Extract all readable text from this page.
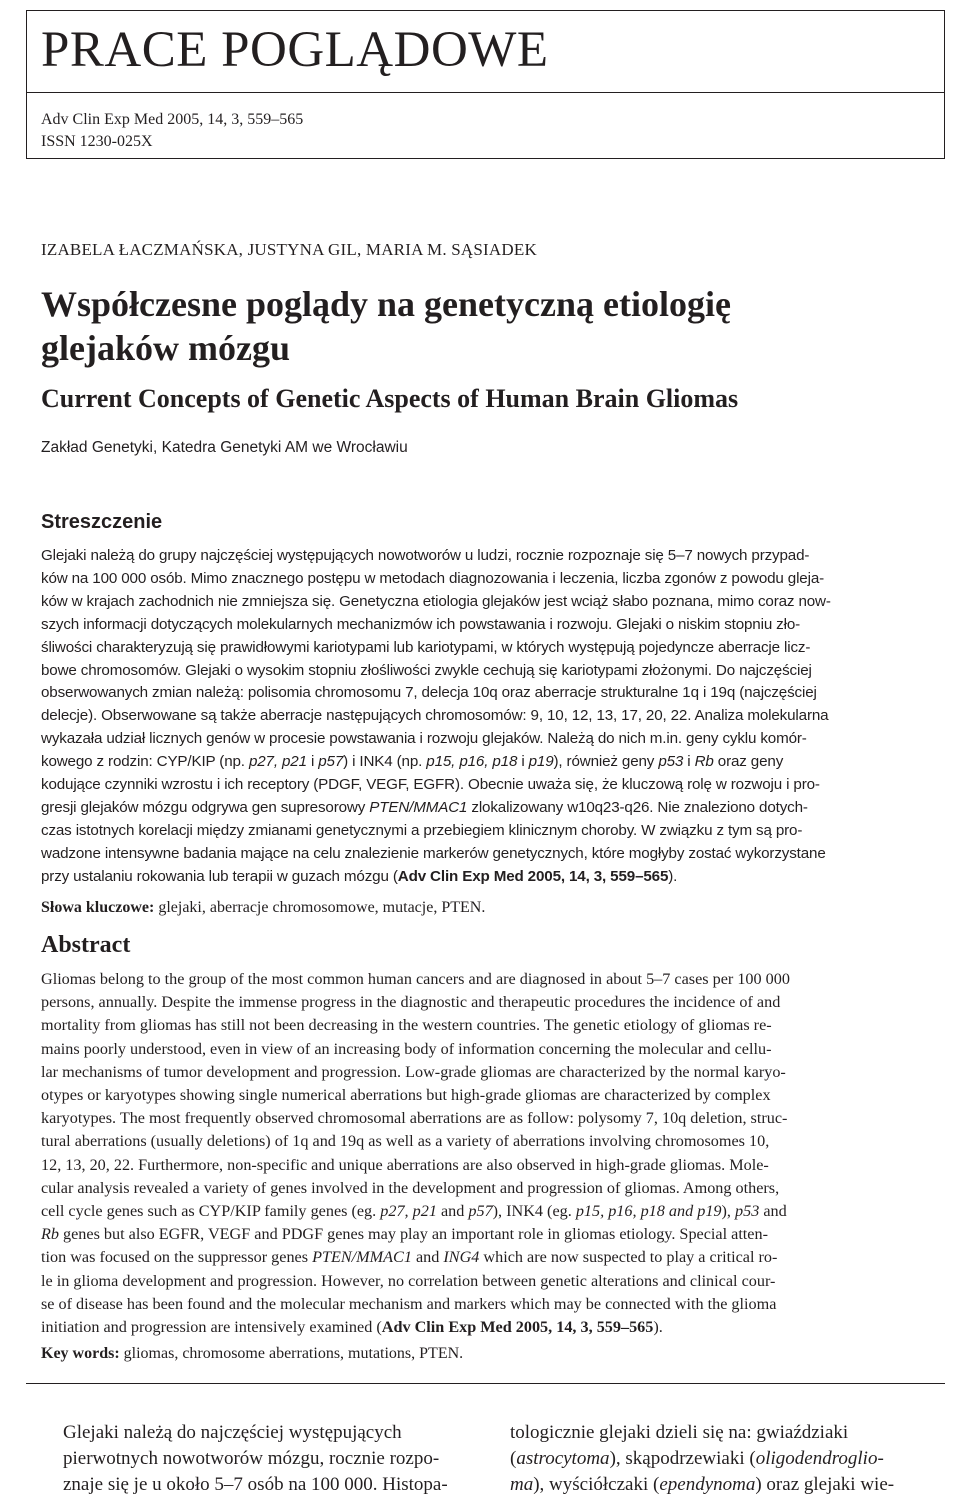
PRACE POGLĄDOWE
Adv Clin Exp Med 2005, 14, 3, 559–565
ISSN 1230-025X
IZABELA ŁACZMAŃSKA, JUSTYNA GIL, MARIA M. SĄSIADEK
Współczesne poglądy na genetyczną etiologię
glejaków mózgu
Current Concepts of Genetic Aspects of Human Brain Gliomas
Zakład Genetyki, Katedra Genetyki AM we Wrocławiu
Streszczenie
Glejaki należą do grupy najczęściej występujących nowotworów u ludzi, rocznie rozpoznaje się 5–7 nowych przypad-
ków na 100 000 osób. Mimo znacznego postępu w metodach diagnozowania i leczenia, liczba zgonów z powodu gleja-
ków w krajach zachodnich nie zmniejsza się. Genetyczna etiologia glejaków jest wciąż słabo poznana, mimo coraz now-
szych informacji dotyczących molekularnych mechanizmów ich powstawania i rozwoju. Glejaki o niskim stopniu zło-
śliwości charakteryzują się prawidłowymi kariotypami lub kariotypami, w których występują pojedyncze aberracje licz-
bowe chromosomów. Glejaki o wysokim stopniu złośliwości zwykle cechują się kariotypami złożonymi. Do najczęściej
obserwowanych zmian należą: polisomia chromosomu 7, delecja 10q oraz aberracje strukturalne 1q i 19q (najczęściej
delecje). Obserwowane są także aberracje następujących chromosomów: 9, 10, 12, 13, 17, 20, 22. Analiza molekularna
wykazała udział licznych genów w procesie powstawania i rozwoju glejaków. Należą do nich m.in. geny cyklu komór-
kowego z rodzin: CYP/KIP (np. p27, p21 i p57) i INK4 (np. p15, p16, p18 i p19), również geny p53 i Rb oraz geny
kodujące czynniki wzrostu i ich receptory (PDGF, VEGF, EGFR). Obecnie uważa się, że kluczową rolę w rozwoju i pro-
gresji glejaków mózgu odgrywa gen supresorowy PTEN/MMAC1 zlokalizowany w10q23-q26. Nie znaleziono dotych-
czas istotnych korelacji między zmianami genetycznymi a przebiegiem klinicznym choroby. W związku z tym są pro-
wadzone intensywne badania mające na celu znalezienie markerów genetycznych, które mogłyby zostać wykorzystane
przy ustalaniu rokowania lub terapii w guzach mózgu (Adv Clin Exp Med 2005, 14, 3, 559–565).
Słowa kluczowe: glejaki, aberracje chromosomowe, mutacje, PTEN.
Abstract
Gliomas belong to the group of the most common human cancers and are diagnosed in about 5–7 cases per 100 000
persons, annually. Despite the immense progress in the diagnostic and therapeutic procedures the incidence of and
mortality from gliomas has still not been decreasing in the western countries. The genetic etiology of gliomas re-
mains poorly understood, even in view of an increasing body of information concerning the molecular and cellu-
lar mechanisms of tumor development and progression. Low-grade gliomas are characterized by the normal karyo-
otypes or karyotypes showing single numerical aberrations but high-grade gliomas are characterized by complex
karyotypes. The most frequently observed chromosomal aberrations are as follow: polysomy 7, 10q deletion, struc-
tural aberrations (usually deletions) of 1q and 19q as well as a variety of aberrations involving chromosomes 10,
12, 13, 20, 22. Furthermore, non-specific and unique aberrations are also observed in high-grade gliomas. Mole-
cular analysis revealed a variety of genes involved in the development and progression of gliomas. Among others,
cell cycle genes such as CYP/KIP family genes (eg. p27, p21 and p57), INK4 (eg. p15, p16, p18 and p19), p53 and
Rb genes but also EGFR, VEGF and PDGF genes may play an important role in gliomas etiology. Special atten-
tion was focused on the suppressor genes PTEN/MMAC1 and ING4 which are now suspected to play a critical ro-
le in glioma development and progression. However, no correlation between genetic alterations and clinical cour-
se of disease has been found and the molecular mechanism and markers which may be connected with the glioma
initiation and progression are intensively examined (Adv Clin Exp Med 2005, 14, 3, 559–565).
Key words: gliomas, chromosome aberrations, mutations, PTEN.
Glejaki należą do najczęściej występujących
pierwotnych nowotworów mózgu, rocznie rozpo-
znaje się je u około 5–7 osób na 100 000. Histopa-
tologicznie glejaki dzieli się na: gwiaździaki
(astrocytoma), skąpodrzewiaki (oligodendroglio-
ma), wyściółczaki (ependynoma) oraz glejaki wie-
